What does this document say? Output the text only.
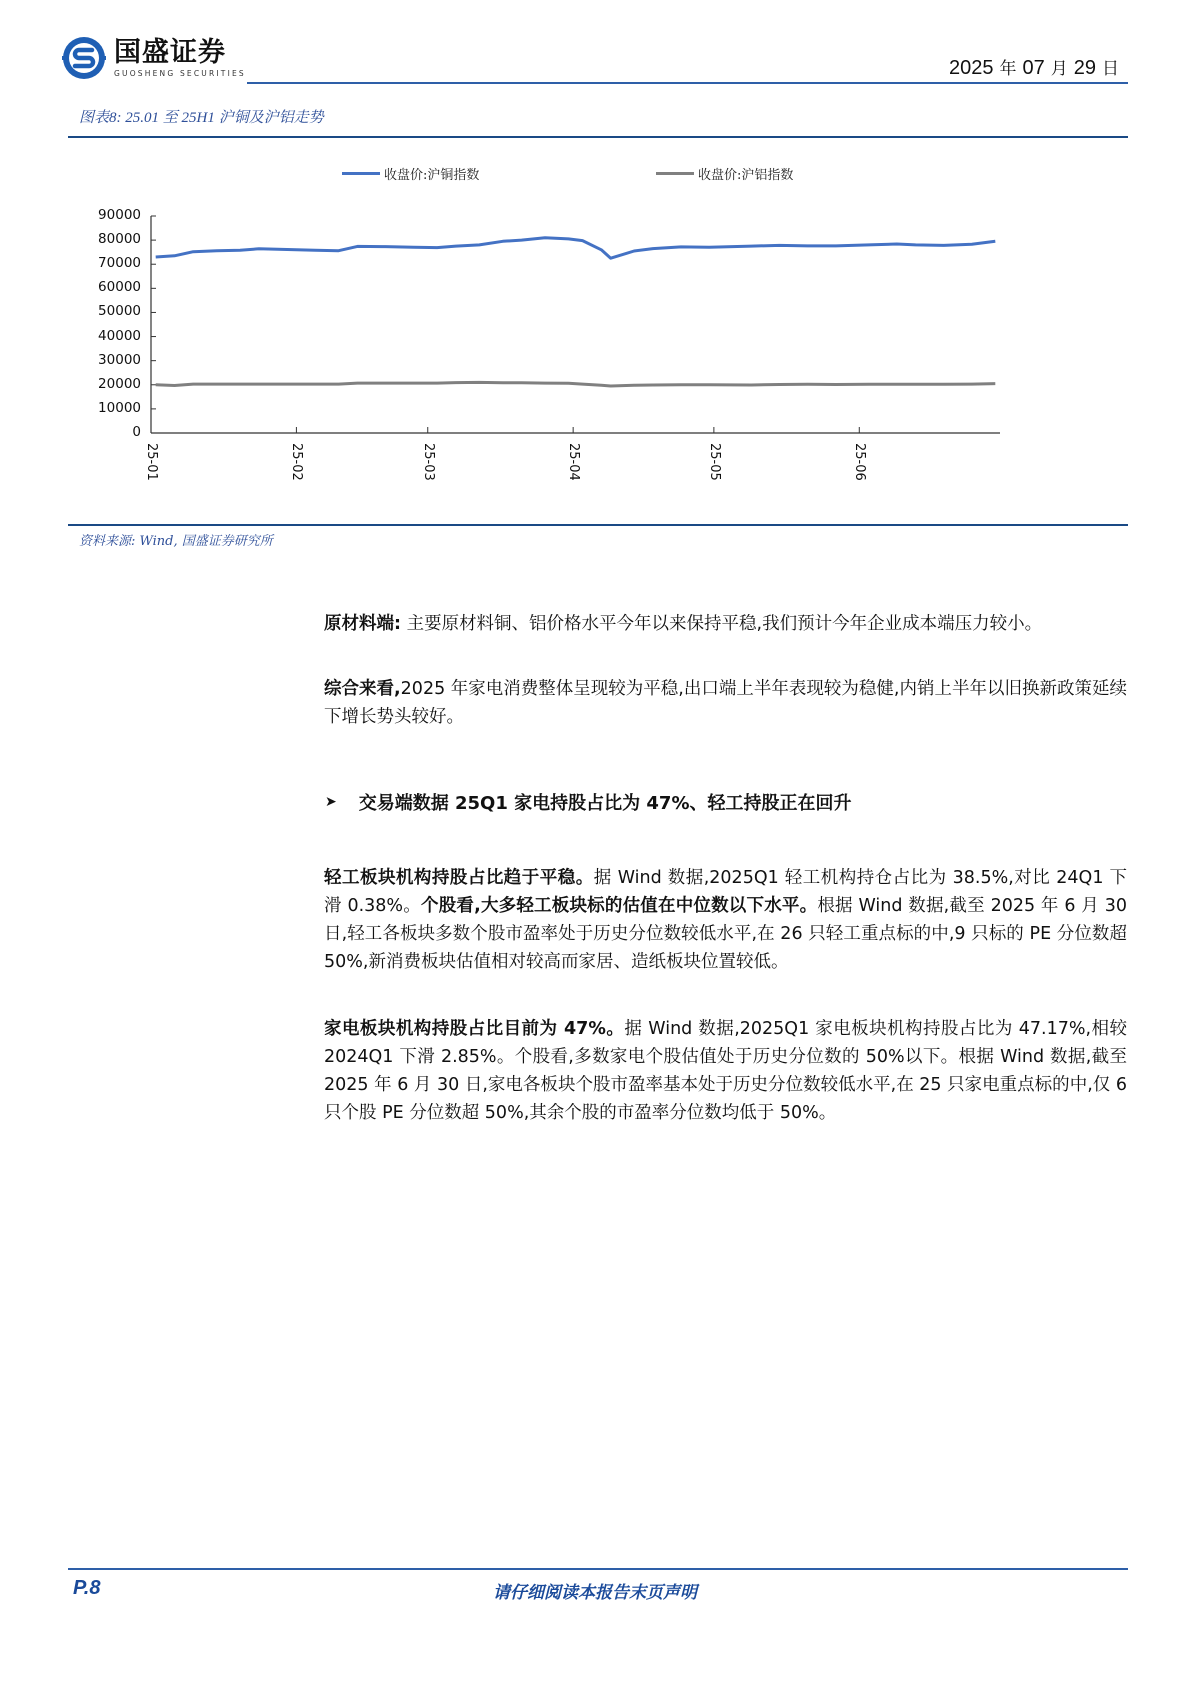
国盛证券
GUOSHENG SECURITIES	2025 年 07 月 29 日
图表8: 25.01 至 25H1 沪铜及沪铝走势
收盘价:沪铜指数	收盘价:沪铝指数
0
10000
20000
30000
40000
50000
60000
70000
80000
90000
25-01	25-02	25-03	25-04	25-05	25-06
资料来源: Wind, 国盛证券研究所
原材料端: 主要原材料铜、铝价格水平今年以来保持平稳,我们预计今年企业成本端压力较小。
综合来看,2025 年家电消费整体呈现较为平稳,出口端上半年表现较为稳健,内销上半年以旧换新政策延续下增长势头较好。
➤ 交易端数据 25Q1 家电持股占比为 47%、轻工持股正在回升
轻工板块机构持股占比趋于平稳。据 Wind 数据,2025Q1 轻工机构持仓占比为 38.5%,对比 24Q1 下滑 0.38%。个股看,大多轻工板块标的估值在中位数以下水平。根据 Wind 数据,截至 2025 年 6 月 30 日,轻工各板块多数个股市盈率处于历史分位数较低水平,在 26 只轻工重点标的中,9 只标的 PE 分位数超 50%,新消费板块估值相对较高而家居、造纸板块位置较低。
家电板块机构持股占比目前为 47%。据 Wind 数据,2025Q1 家电板块机构持股占比为 47.17%,相较 2024Q1 下滑 2.85%。个股看,多数家电个股估值处于历史分位数的 50%以下。根据 Wind 数据,截至 2025 年 6 月 30 日,家电各板块个股市盈率基本处于历史分位数较低水平,在 25 只家电重点标的中,仅 6 只个股 PE 分位数超 50%,其余个股的市盈率分位数均低于 50%。
P.8	请仔细阅读本报告末页声明
